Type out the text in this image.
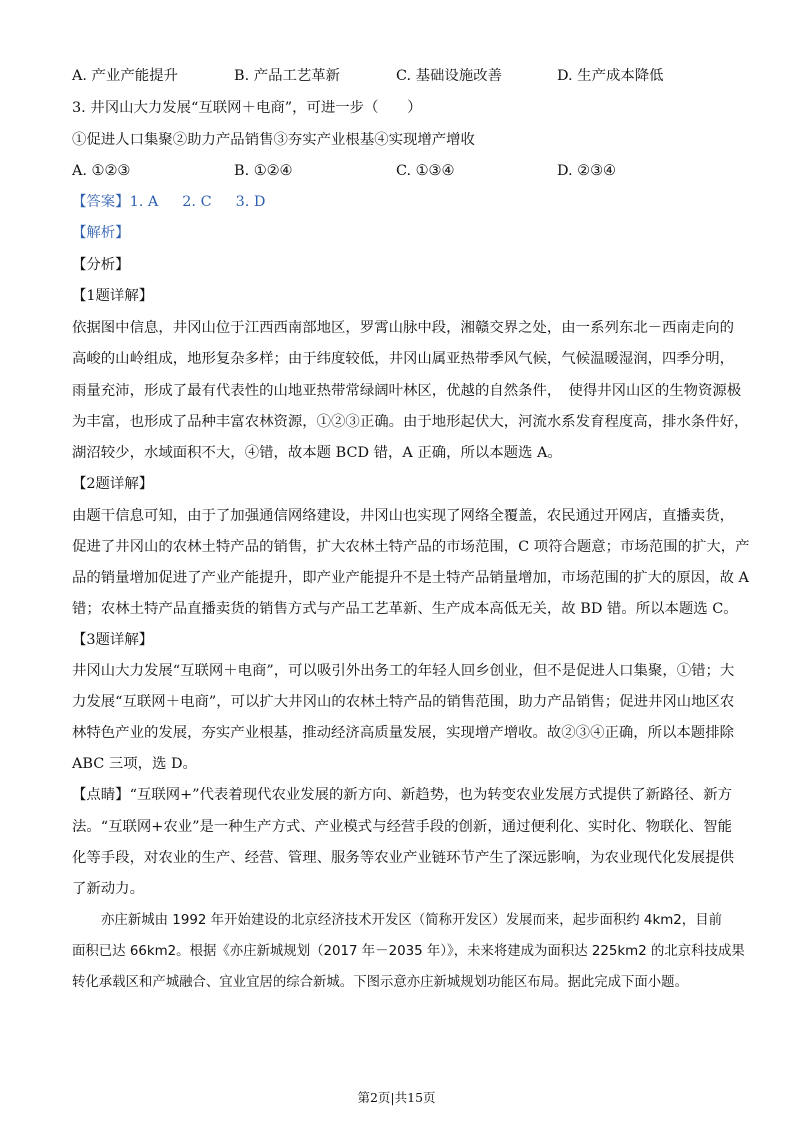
A. 产业产能提升	B. 产品工艺革新	C. 基础设施改善	D. 生产成本降低
3. 井冈山大力发展“互联网＋电商”，可进一步（　　）
①促进人口集聚②助力产品销售③夯实产业根基④实现增产增收
A. ①②③	B. ①②④	C. ①③④	D. ②③④
【答案】1. A 2. C 3. D
【解析】
【分析】
【1题详解】
依据图中信息，井冈山位于江西西南部地区，罗霄山脉中段，湘赣交界之处，由一系列东北－西南走向的
高峻的山岭组成，地形复杂多样；由于纬度较低，井冈山属亚热带季风气候，气候温暖湿润，四季分明，
雨量充沛，形成了最有代表性的山地亚热带常绿阔叶林区，优越的自然条件，　使得井冈山区的生物资源极
为丰富，也形成了品种丰富农林资源，①②③正确。由于地形起伏大，河流水系发育程度高，排水条件好，
湖沼较少，水域面积不大，④错，故本题 BCD 错，A 正确，所以本题选 A。
【2题详解】
由题干信息可知，由于了加强通信网络建设，井冈山也实现了网络全覆盖，农民通过开网店，直播卖货，
促进了井冈山的农林土特产品的销售，扩大农林土特产品的市场范围，C 项符合题意；市场范围的扩大，产
品的销量增加促进了产业产能提升，即产业产能提升不是土特产品销量增加，市场范围的扩大的原因，故 A
错；农林土特产品直播卖货的销售方式与产品工艺革新、生产成本高低无关，故 BD 错。所以本题选 C。
【3题详解】
井冈山大力发展“互联网＋电商”，可以吸引外出务工的年轻人回乡创业，但不是促进人口集聚，①错；大
力发展“互联网＋电商”，可以扩大井冈山的农林土特产品的销售范围，助力产品销售；促进井冈山地区农
林特色产业的发展，夯实产业根基，推动经济高质量发展，实现增产增收。故②③④正确，所以本题排除
ABC 三项，选 D。
【点睛】“互联网+”代表着现代农业发展的新方向、新趋势，也为转变农业发展方式提供了新路径、新方
法。“互联网+农业”是一种生产方式、产业模式与经营手段的创新，通过便利化、实时化、物联化、智能
化等手段，对农业的生产、经营、管理、服务等农业产业链环节产生了深远影响，为农业现代化发展提供
了新动力。
亦庄新城由 1992 年开始建设的北京经济技术开发区（简称开发区）发展而来，起步面积约 4km2，目前
面积已达 66km2。根据《亦庄新城规划（2017 年－2035 年）》，未来将建成为面积达 225km2 的北京科技成果
转化承载区和产城融合、宜业宜居的综合新城。下图示意亦庄新城规划功能区布局。据此完成下面小题。
第2页|共15页
